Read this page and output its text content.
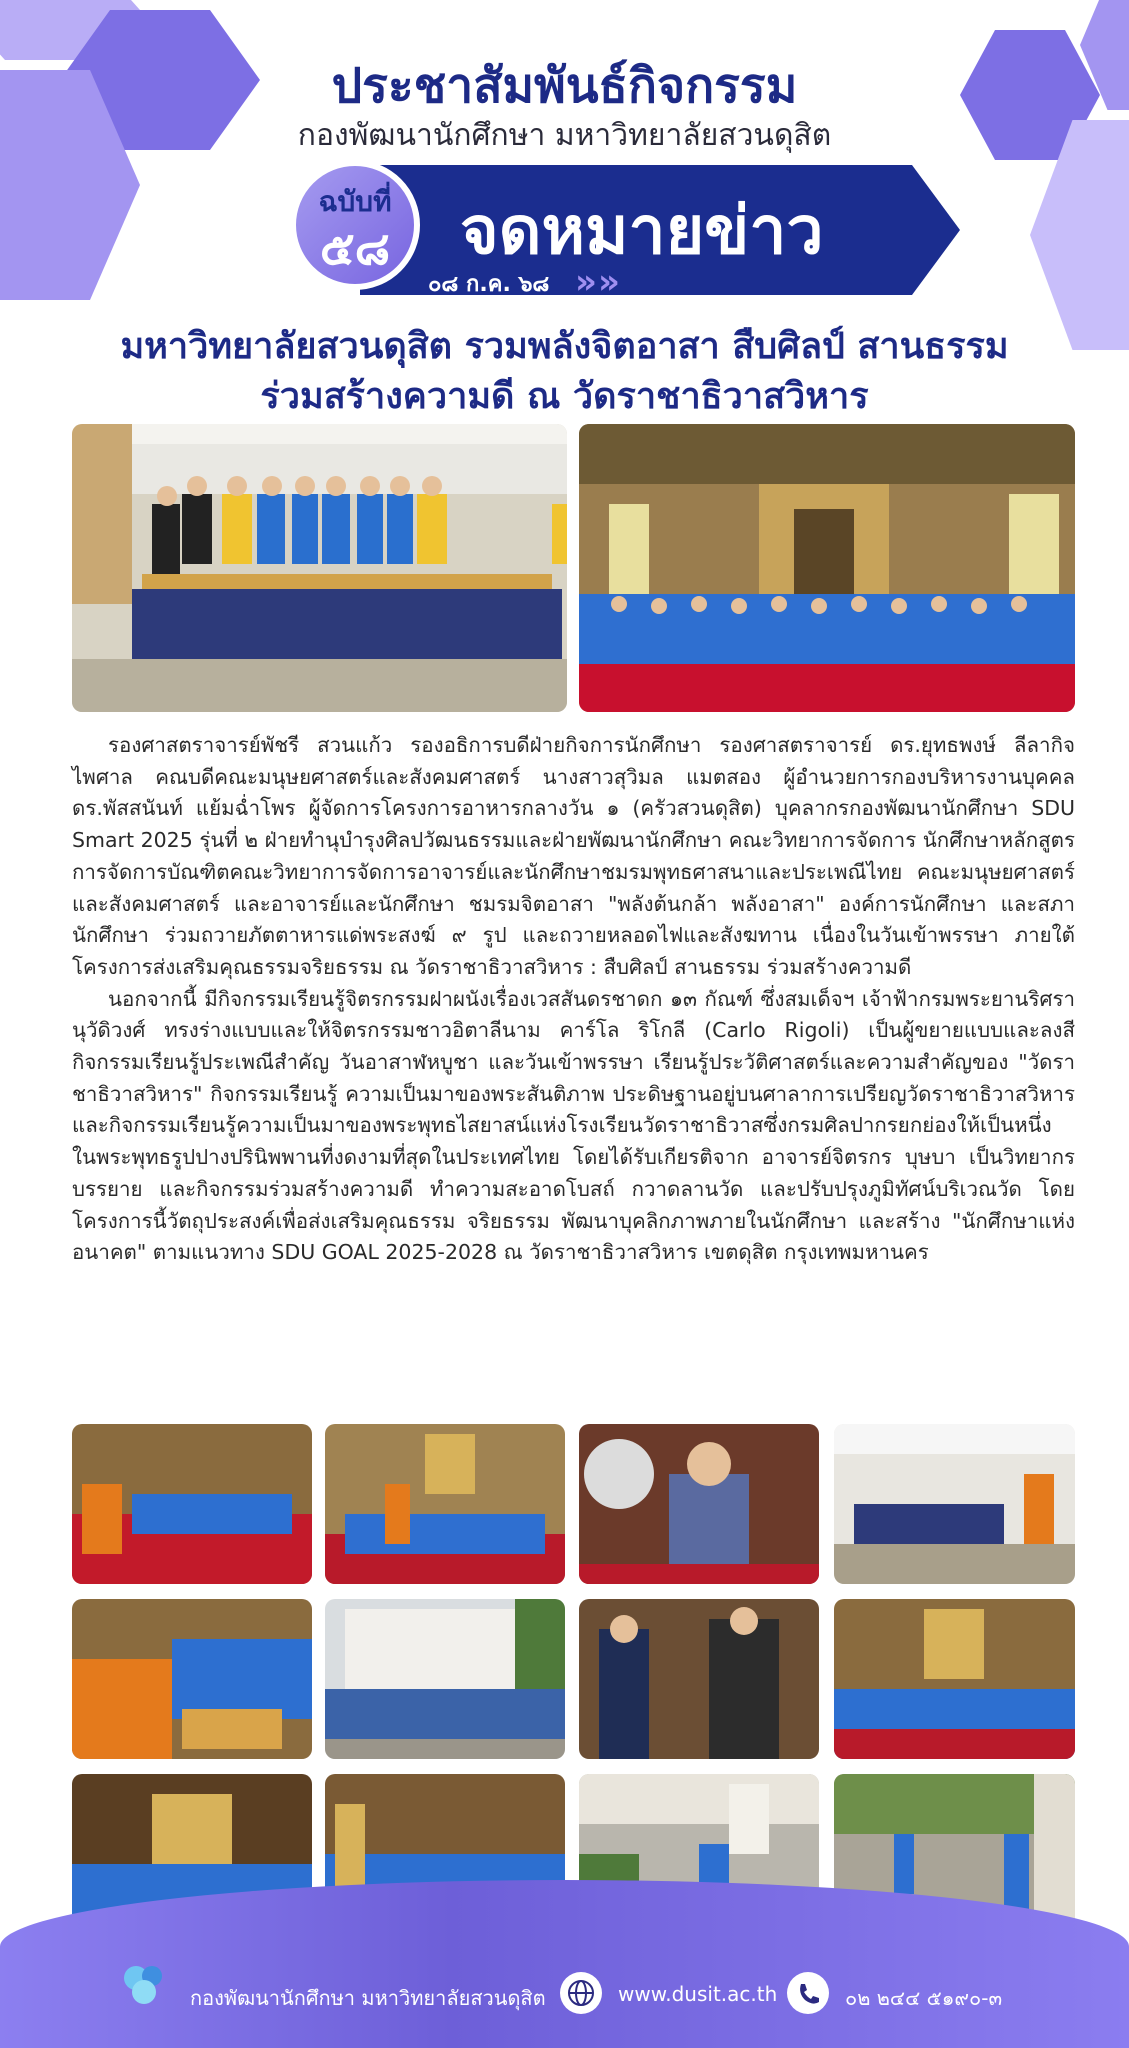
ประชาสัมพันธ์กิจกรรม
กองพัฒนานักศึกษา มหาวิทยาลัยสวนดุสิต
จดหมายข่าว
ฉบับที่
๕๘
๐๘ ก.ค. ๖๘ » »
มหาวิทยาลัยสวนดุสิต รวมพลังจิตอาสา สืบศิลป์ สานธรรม
ร่วมสร้างความดี ณ วัดราชาธิวาสวิหาร

รองศาสตราจารย์พัชรี สวนแก้ว รองอธิการบดีฝ่ายกิจการนักศึกษา รองศาสตราจารย์ ดร.ยุทธพงษ์ ลีลากิจไพศาล คณบดีคณะมนุษยศาสตร์และสังคมศาสตร์ นางสาวสุวิมล แมตสอง ผู้อำนวยการกองบริหารงานบุคคล ดร.พัสสนันท์ แย้มฉ่ำโพร ผู้จัดการโครงการอาหารกลางวัน ๑ (ครัวสวนดุสิต) บุคลากรกองพัฒนานักศึกษา SDU Smart 2025 รุ่นที่ ๒ ฝ่ายทำนุบำรุงศิลปวัฒนธรรมและฝ่ายพัฒนานักศึกษา คณะวิทยาการจัดการ นักศึกษาหลักสูตรการจัดการบัณฑิตคณะวิทยาการจัดการอาจารย์และนักศึกษาชมรมพุทธศาสนาและประเพณีไทย คณะมนุษยศาสตร์และสังคมศาสตร์ และอาจารย์และนักศึกษา ชมรมจิตอาสา "พลังต้นกล้า พลังอาสา" องค์การนักศึกษา และสภานักศึกษา ร่วมถวายภัตตาหารแด่พระสงฆ์ ๙ รูป และถวายหลอดไฟและสังฆทาน เนื่องในวันเข้าพรรษา ภายใต้โครงการส่งเสริมคุณธรรมจริยธรรม ณ วัดราชาธิวาสวิหาร : สืบศิลป์ สานธรรม ร่วมสร้างความดี

นอกจากนี้ มีกิจกรรมเรียนรู้จิตรกรรมฝาผนังเรื่องเวสสันดรชาดก ๑๓ กัณฑ์ ซึ่งสมเด็จฯ เจ้าฟ้ากรมพระยานริศรานุวัดิวงศ์ ทรงร่างแบบและให้จิตรกรรมชาวอิตาลีนาม คาร์โล ริโกลี (Carlo Rigoli) เป็นผู้ขยายแบบและลงสี กิจกรรมเรียนรู้ประเพณีสำคัญ วันอาสาฬหบูชา และวันเข้าพรรษา เรียนรู้ประวัติศาสตร์และความสำคัญของ "วัดราชาธิวาสวิหาร" กิจกรรมเรียนรู้ ความเป็นมาของพระสันติภาพ ประดิษฐานอยู่บนศาลาการเปรียญวัดราชาธิวาสวิหารและกิจกรรมเรียนรู้ความเป็นมาของพระพุทธไสยาสน์แห่งโรงเรียนวัดราชาธิวาสซึ่งกรมศิลปากรยกย่องให้เป็นหนึ่งในพระพุทธรูปปางปรินิพพานที่งดงามที่สุดในประเทศไทย โดยได้รับเกียรติจาก อาจารย์จิตรกร บุษบา เป็นวิทยากรบรรยาย และกิจกรรมร่วมสร้างความดี ทำความสะอาดโบสถ์ กวาดลานวัด และปรับปรุงภูมิทัศน์บริเวณวัด โดยโครงการนี้วัตถุประสงค์เพื่อส่งเสริมคุณธรรม จริยธรรม พัฒนาบุคลิกภาพภายในนักศึกษา และสร้าง "นักศึกษาแห่งอนาคต" ตามแนวทาง SDU GOAL 2025-2028 ณ วัดราชาธิวาสวิหาร เขตดุสิต กรุงเทพมหานคร

กองพัฒนานักศึกษา มหาวิทยาลัยสวนดุสิต	www.dusit.ac.th	๐๒ ๒๔๔ ๕๑๙๐-๓
